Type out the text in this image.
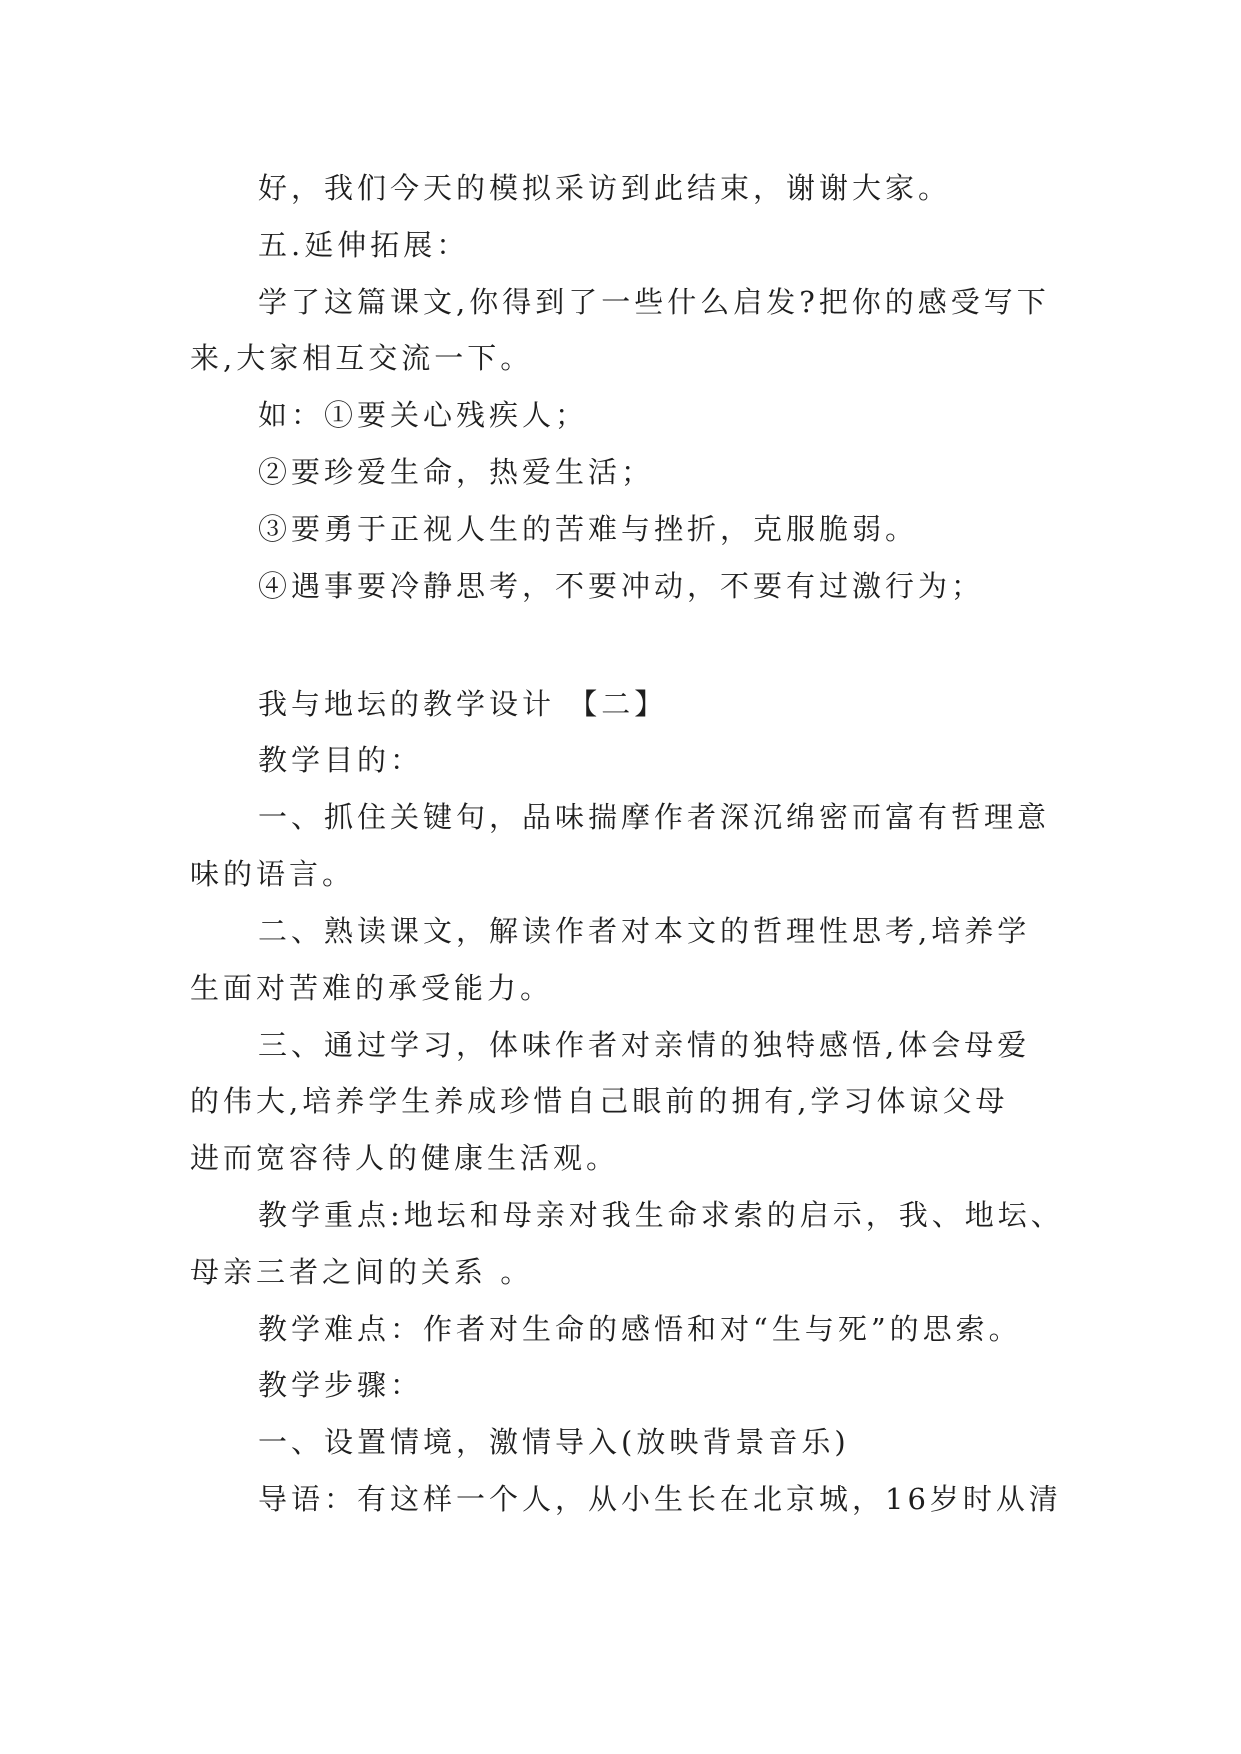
好，我们今天的模拟采访到此结束，谢谢大家。
五.延伸拓展：
学了这篇课文,你得到了一些什么启发?把你的感受写下
来,大家相互交流一下。
如：①要关心残疾人；
②要珍爱生命，热爱生活；
③要勇于正视人生的苦难与挫折，克服脆弱。
④遇事要冷静思考，不要冲动，不要有过激行为；
我与地坛的教学设计 【二】
教学目的：
一、抓住关键句，品味揣摩作者深沉绵密而富有哲理意
味的语言。
二、熟读课文，解读作者对本文的哲理性思考,培养学
生面对苦难的承受能力。
三、通过学习，体味作者对亲情的独特感悟,体会母爱
的伟大,培养学生养成珍惜自己眼前的拥有,学习体谅父母
进而宽容待人的健康生活观。
教学重点:地坛和母亲对我生命求索的启示，我、地坛、
母亲三者之间的关系 。
教学难点：作者对生命的感悟和对“生与死”的思索。
教学步骤：
一、设置情境，激情导入(放映背景音乐)
导语：有这样一个人，从小生长在北京城，16岁时从清
